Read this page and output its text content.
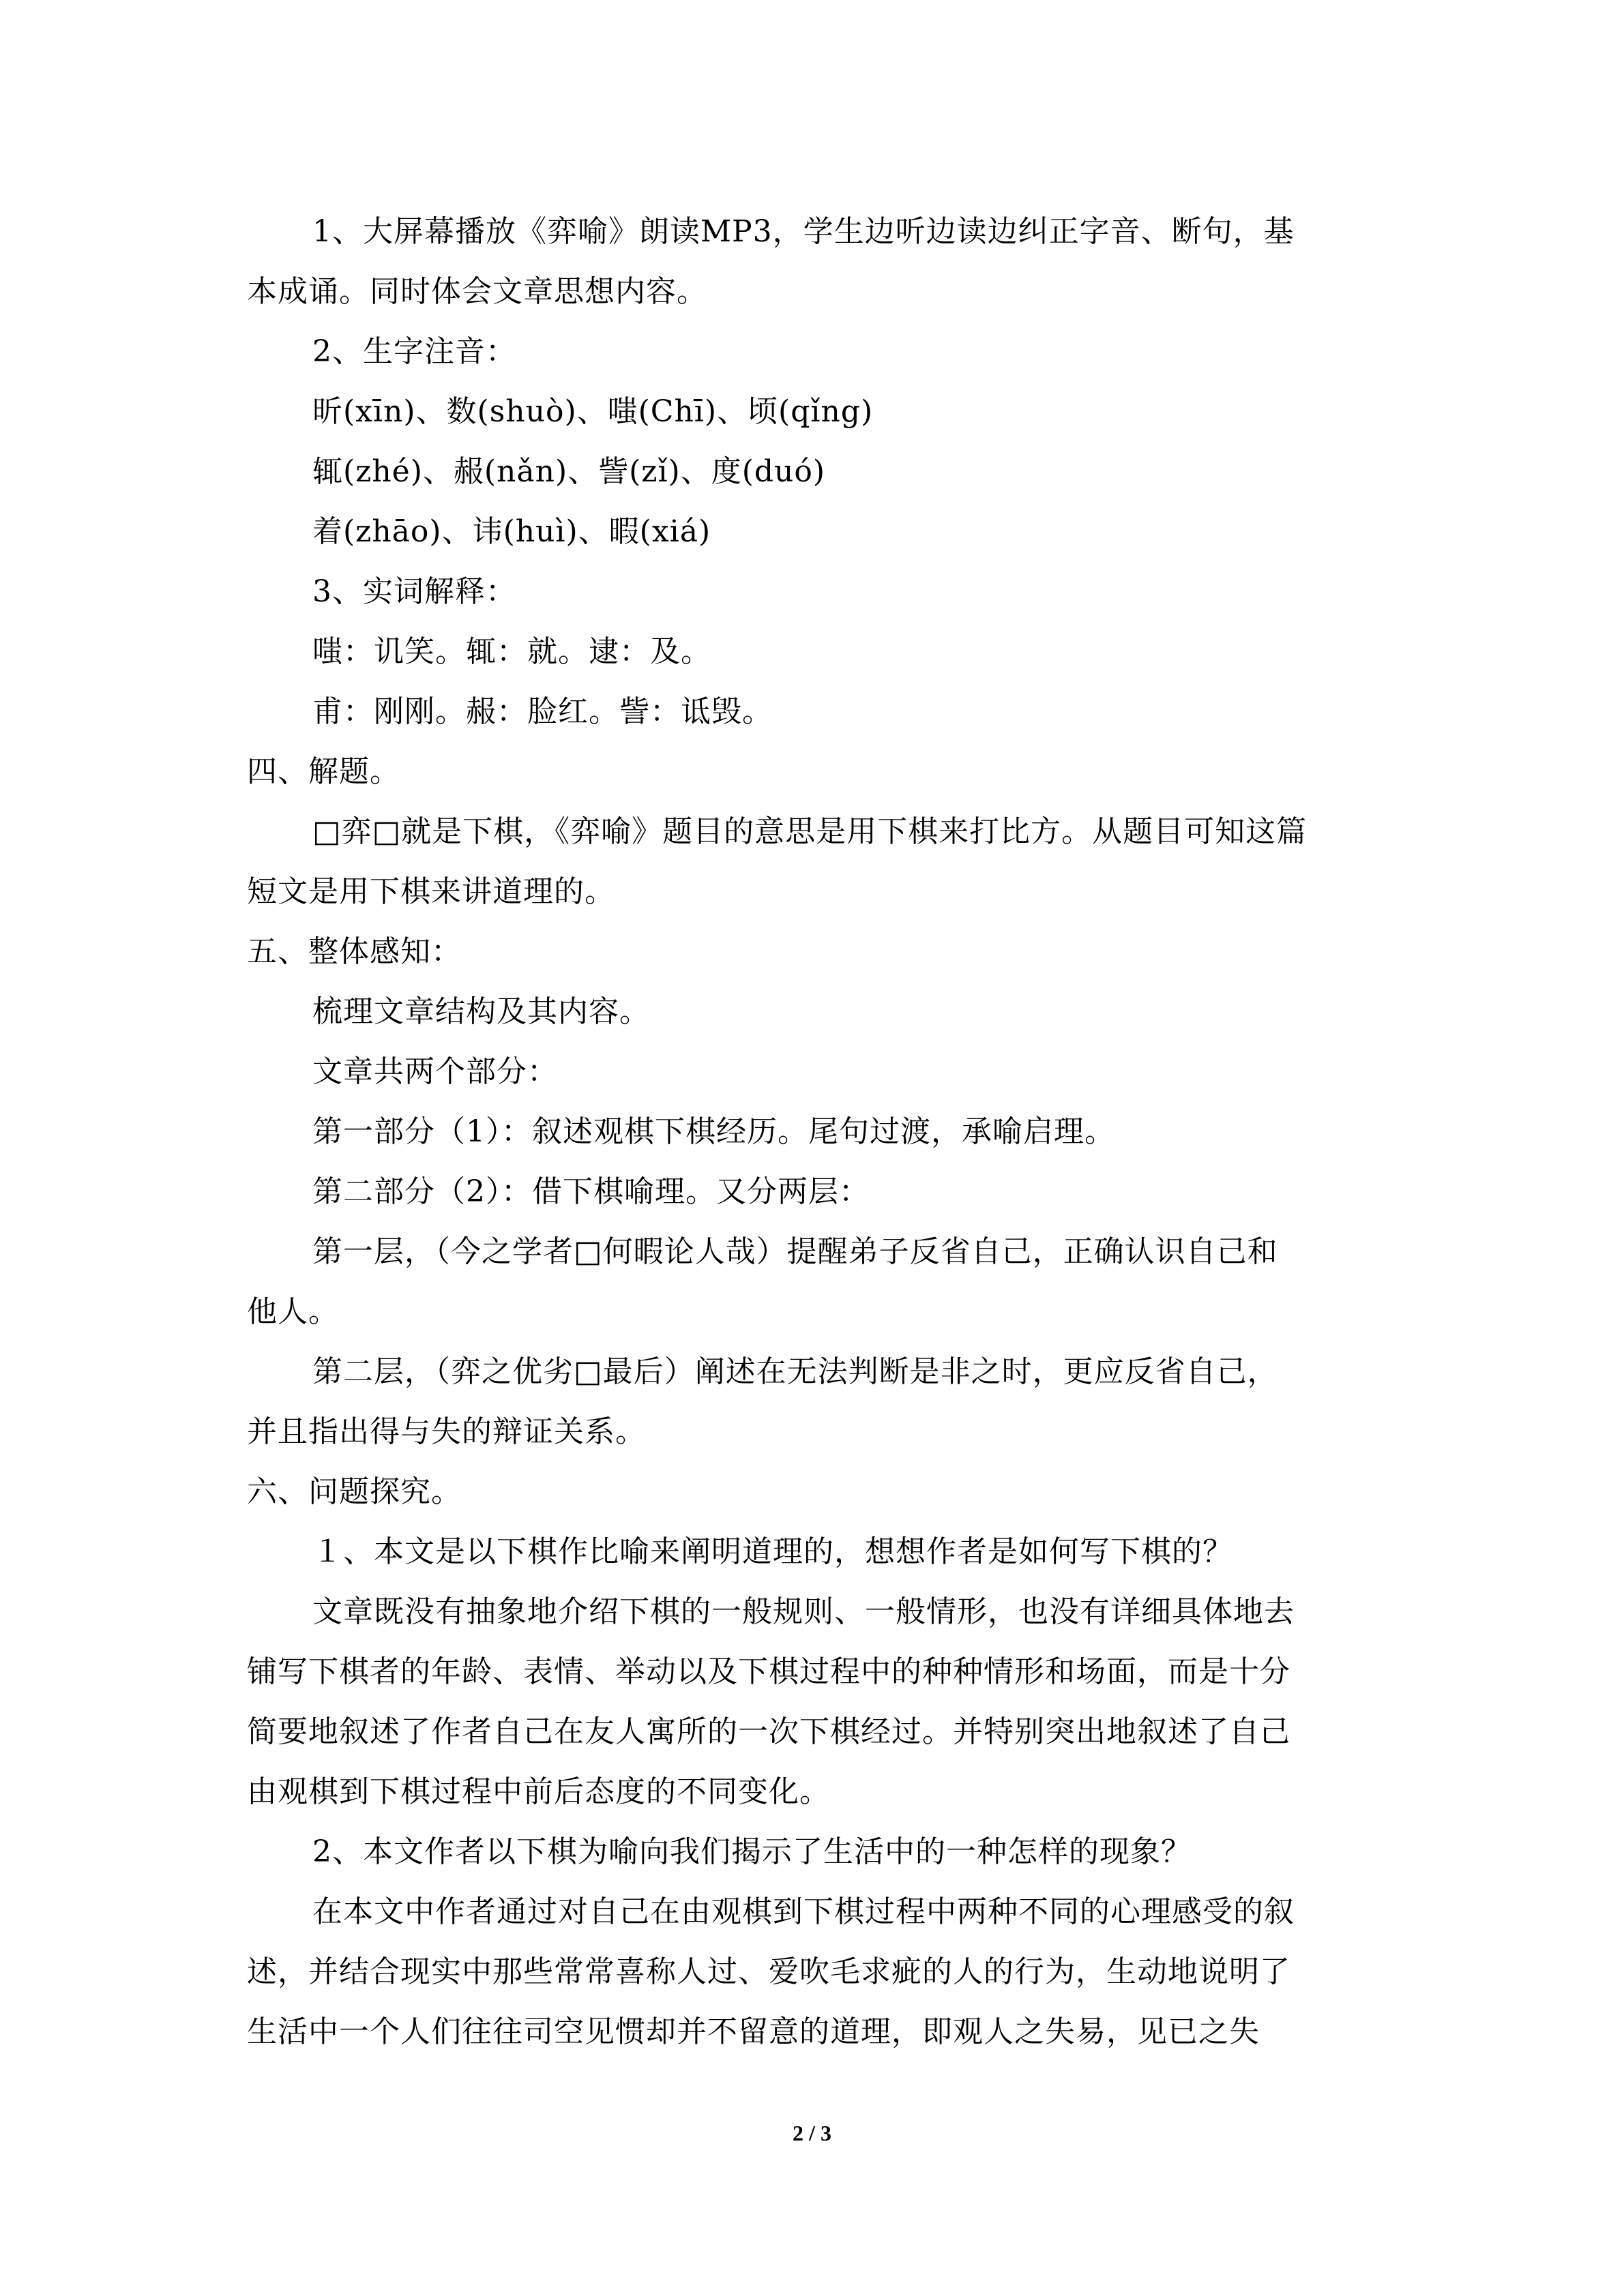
1、大屏幕播放《弈喻》朗读MP3，学生边听边读边纠正字音、断句，基
本成诵。同时体会文章思想内容。
2、生字注音：
昕(xīn)、数(shuò)、嗤(Chī)、顷(qǐng)
辄(zhé)、赧(nǎn)、訾(zǐ)、度(duó)
着(zhāo)、讳(huì)、暇(xiá)
3、实词解释：
嗤：讥笑。辄：就。逮：及。
甫：刚刚。赧：脸红。訾：诋毁。
四、解题。
□弈□就是下棋，《弈喻》题目的意思是用下棋来打比方。从题目可知这篇
短文是用下棋来讲道理的。
五、整体感知：
梳理文章结构及其内容。
文章共两个部分：
第一部分（1）：叙述观棋下棋经历。尾句过渡，承喻启理。
第二部分（2）：借下棋喻理。又分两层：
第一层，（今之学者□何暇论人哉）提醒弟子反省自己，正确认识自己和
他人。
第二层，（弈之优劣□最后）阐述在无法判断是非之时，更应反省自己，
并且指出得与失的辩证关系。
六、问题探究。
１、本文是以下棋作比喻来阐明道理的，想想作者是如何写下棋的？
文章既没有抽象地介绍下棋的一般规则、一般情形，也没有详细具体地去
铺写下棋者的年龄、表情、举动以及下棋过程中的种种情形和场面，而是十分
简要地叙述了作者自己在友人寓所的一次下棋经过。并特别突出地叙述了自己
由观棋到下棋过程中前后态度的不同变化。
2、本文作者以下棋为喻向我们揭示了生活中的一种怎样的现象？
在本文中作者通过对自己在由观棋到下棋过程中两种不同的心理感受的叙
述，并结合现实中那些常常喜称人过、爱吹毛求疵的人的行为，生动地说明了
生活中一个人们往往司空见惯却并不留意的道理，即观人之失易，见已之失
2 / 3
